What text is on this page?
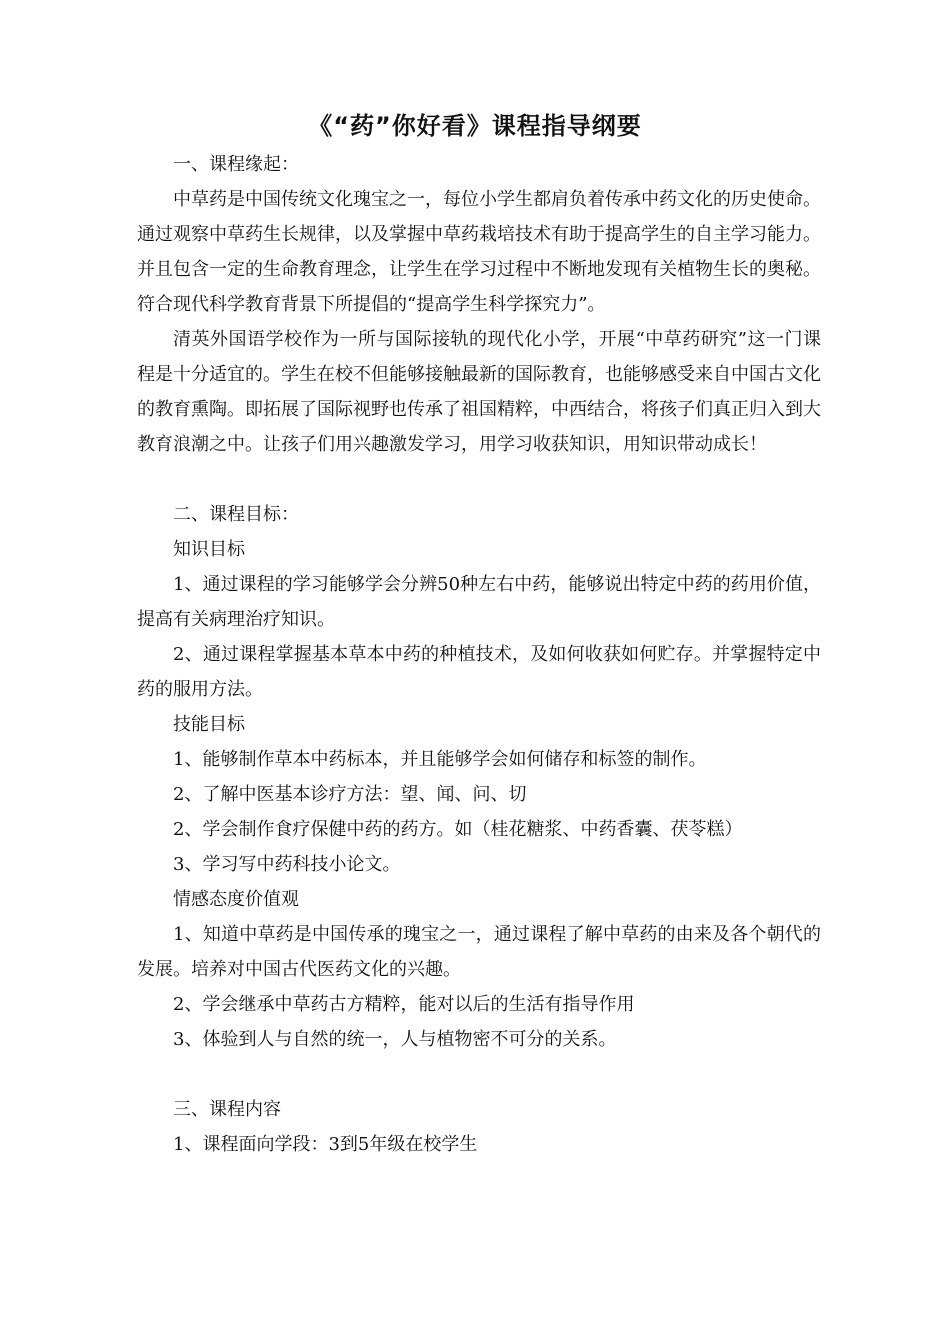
《“药”你好看》课程指导纲要
一、课程缘起：
中草药是中国传统文化瑰宝之一，每位小学生都肩负着传承中药文化的历史使命。通过观察中草药生长规律，以及掌握中草药栽培技术有助于提高学生的自主学习能力。并且包含一定的生命教育理念，让学生在学习过程中不断地发现有关植物生长的奥秘。符合现代科学教育背景下所提倡的“提高学生科学探究力”。
清英外国语学校作为一所与国际接轨的现代化小学，开展“中草药研究”这一门课程是十分适宜的。学生在校不但能够接触最新的国际教育，也能够感受来自中国古文化的教育熏陶。即拓展了国际视野也传承了祖国精粹，中西结合，将孩子们真正归入到大教育浪潮之中。让孩子们用兴趣激发学习，用学习收获知识，用知识带动成长！
二、课程目标：
知识目标
1、通过课程的学习能够学会分辨50种左右中药，能够说出特定中药的药用价值，提高有关病理治疗知识。
2、通过课程掌握基本草本中药的种植技术，及如何收获如何贮存。并掌握特定中药的服用方法。
技能目标
1、能够制作草本中药标本，并且能够学会如何储存和标签的制作。
2、了解中医基本诊疗方法：望、闻、问、切
2、学会制作食疗保健中药的药方。如（桂花糖浆、中药香囊、茯苓糕）
3、学习写中药科技小论文。
情感态度价值观
1、知道中草药是中国传承的瑰宝之一，通过课程了解中草药的由来及各个朝代的发展。培养对中国古代医药文化的兴趣。
2、学会继承中草药古方精粹，能对以后的生活有指导作用
3、体验到人与自然的统一，人与植物密不可分的关系。
三、课程内容
1、课程面向学段：3到5年级在校学生
